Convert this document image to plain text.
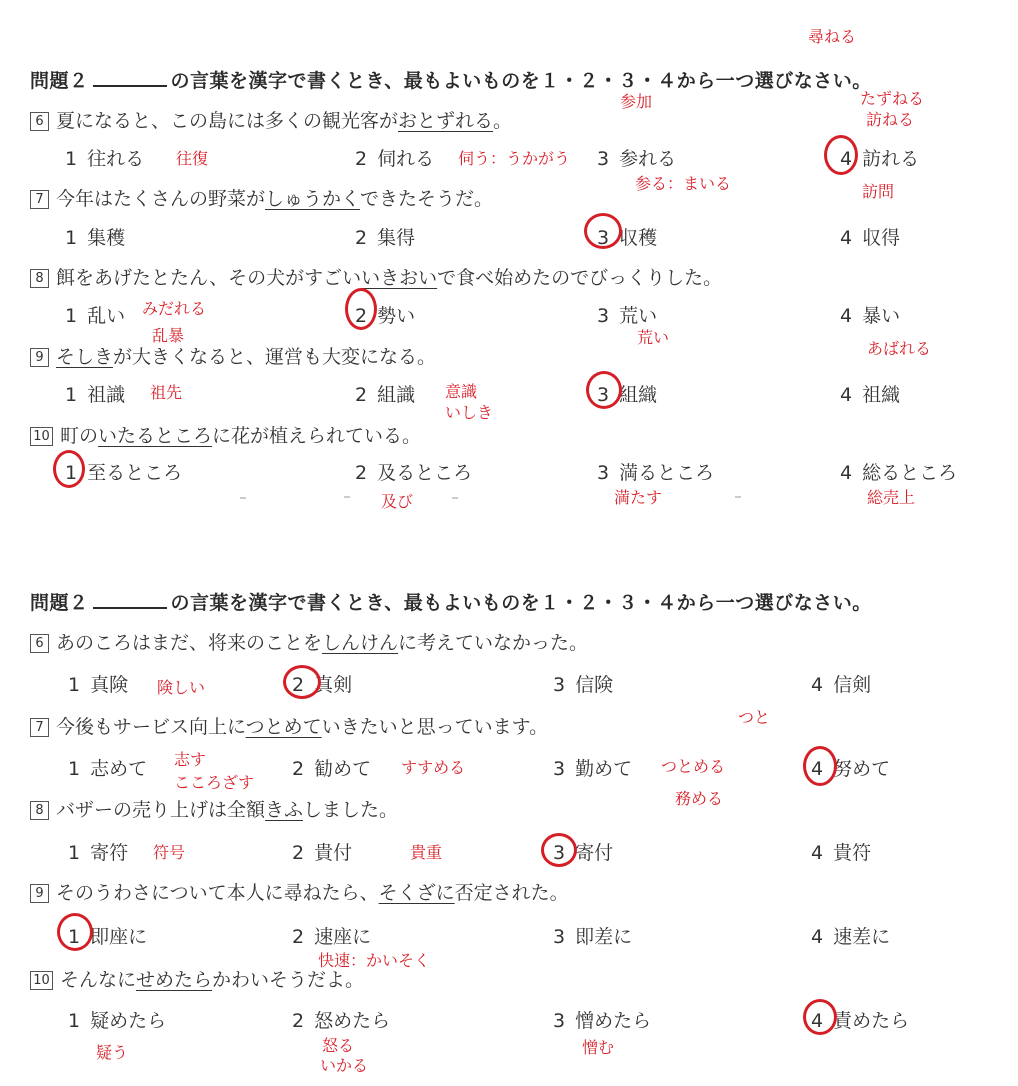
尋ねる
問題２	の言葉を漢字で書くとき、最もよいものを１・２・３・４から一つ選びなさい。
6 夏になると、この島には多くの観光客がおとずれる。
1 往れる	2 伺れる	3 参れる	4 訪れる
7 今年はたくさんの野菜がしゅうかくできたそうだ。
1 集穫	2 集得	3 収穫	4 収得
8 餌をあげたとたん、その犬がすごいいきおいで食べ始めたのでびっくりした。
1 乱い	2 勢い	3 荒い	4 暴い
9 そしきが大きくなると、運営も大変になる。
1 祖識	2 組識	3 組織	4 祖織
10 町のいたるところに花が植えられている。
1 至るところ	2 及るところ	3 満るところ	4 総るところ
参加	たずねる
訪ねる
往復	伺う：うかがう
参る：まいる	訪問
みだれる
乱暴	荒い
あばれる
祖先	意識
いしき
及び	満たす	総売上
問題２	の言葉を漢字で書くとき、最もよいものを１・２・３・４から一つ選びなさい。
6 あのころはまだ、将来のことをしんけんに考えていなかった。
1 真険	2 真剣	3 信険	4 信剣
7 今後もサービス向上につとめていきたいと思っています。
1 志めて	2 勧めて	3 勤めて	4 努めて
8 バザーの売り上げは全額きふしました。
1 寄符	2 貴付	3 寄付	4 貴符
9 そのうわさについて本人に尋ねたら、そくざに否定された。
1 即座に	2 速座に	3 即差に	4 速差に
10 そんなにせめたらかわいそうだよ。
1 疑めたら	2 怒めたら	3 憎めたら	4 責めたら
険しい
つと
志す
こころざす
すすめる	つとめる
務める
符号	貴重
快速：かいそく
疑う	怒る
いかる
憎む
